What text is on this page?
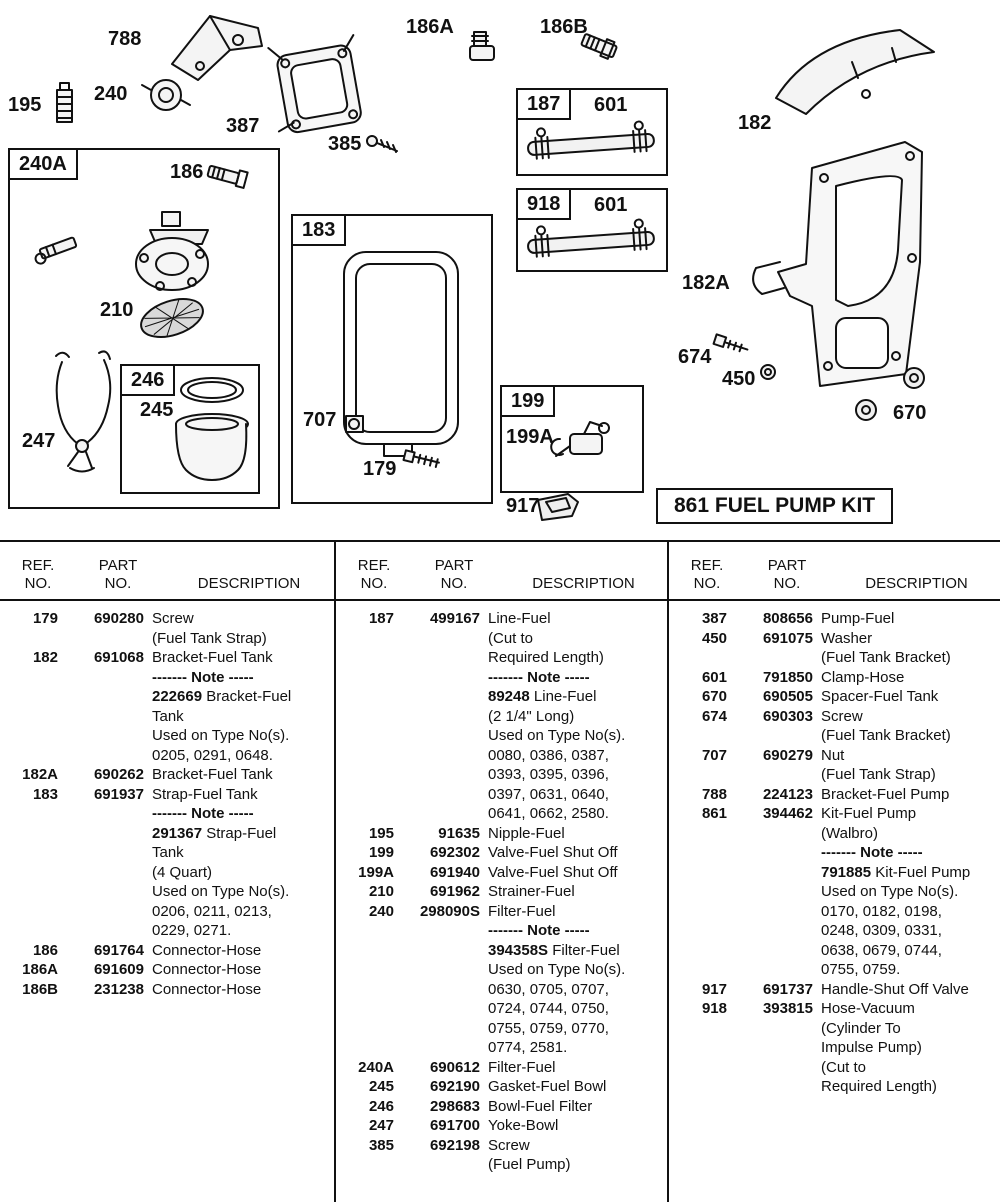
788
240
195
387
385
186A	186B
187	601
918	601
182
182A
674
450
670
240A	186
210
246
245
247
183
707
179
199
199A
917	861 FUEL PUMP KIT
REF.
NO.
PART
NO.	DESCRIPTION
179	690280 Screw
(Fuel Tank Strap)
182	691068 Bracket-Fuel Tank
------- Note -----
222669 Bracket-Fuel
Tank
Used on Type No(s).
0205, 0291, 0648.
182A	690262 Bracket-Fuel Tank
183	691937 Strap-Fuel Tank
------- Note -----
291367 Strap-Fuel
Tank
(4 Quart)
Used on Type No(s).
0206, 0211, 0213,
0229, 0271.
186	691764 Connector-Hose
186A	691609 Connector-Hose
186B	231238 Connector-Hose
REF.
NO.
PART
NO.	DESCRIPTION
187	499167 Line-Fuel
(Cut to
Required Length)
------- Note -----
89248 Line-Fuel
(2 1/4" Long)
Used on Type No(s).
0080, 0386, 0387,
0393, 0395, 0396,
0397, 0631, 0640,
0641, 0662, 2580.
195	91635 Nipple-Fuel
199	692302 Valve-Fuel Shut Off
199A	691940 Valve-Fuel Shut Off
210	691962 Strainer-Fuel
240	298090S Filter-Fuel
------- Note -----
394358S Filter-Fuel
Used on Type No(s).
0630, 0705, 0707,
0724, 0744, 0750,
0755, 0759, 0770,
0774, 2581.
240A	690612 Filter-Fuel
245	692190 Gasket-Fuel Bowl
246	298683 Bowl-Fuel Filter
247	691700 Yoke-Bowl
385	692198 Screw
(Fuel Pump)
REF.
NO.
PART
NO.	DESCRIPTION
387	808656 Pump-Fuel
450	691075 Washer
(Fuel Tank Bracket)
601	791850 Clamp-Hose
670	690505 Spacer-Fuel Tank
674	690303 Screw
(Fuel Tank Bracket)
707	690279 Nut
(Fuel Tank Strap)
788	224123 Bracket-Fuel Pump
861	394462 Kit-Fuel Pump
(Walbro)
------- Note -----
791885 Kit-Fuel Pump
Used on Type No(s).
0170, 0182, 0198,
0248, 0309, 0331,
0638, 0679, 0744,
0755, 0759.
917	691737 Handle-Shut Off Valve
918	393815 Hose-Vacuum
(Cylinder To
Impulse Pump)
(Cut to
Required Length)
